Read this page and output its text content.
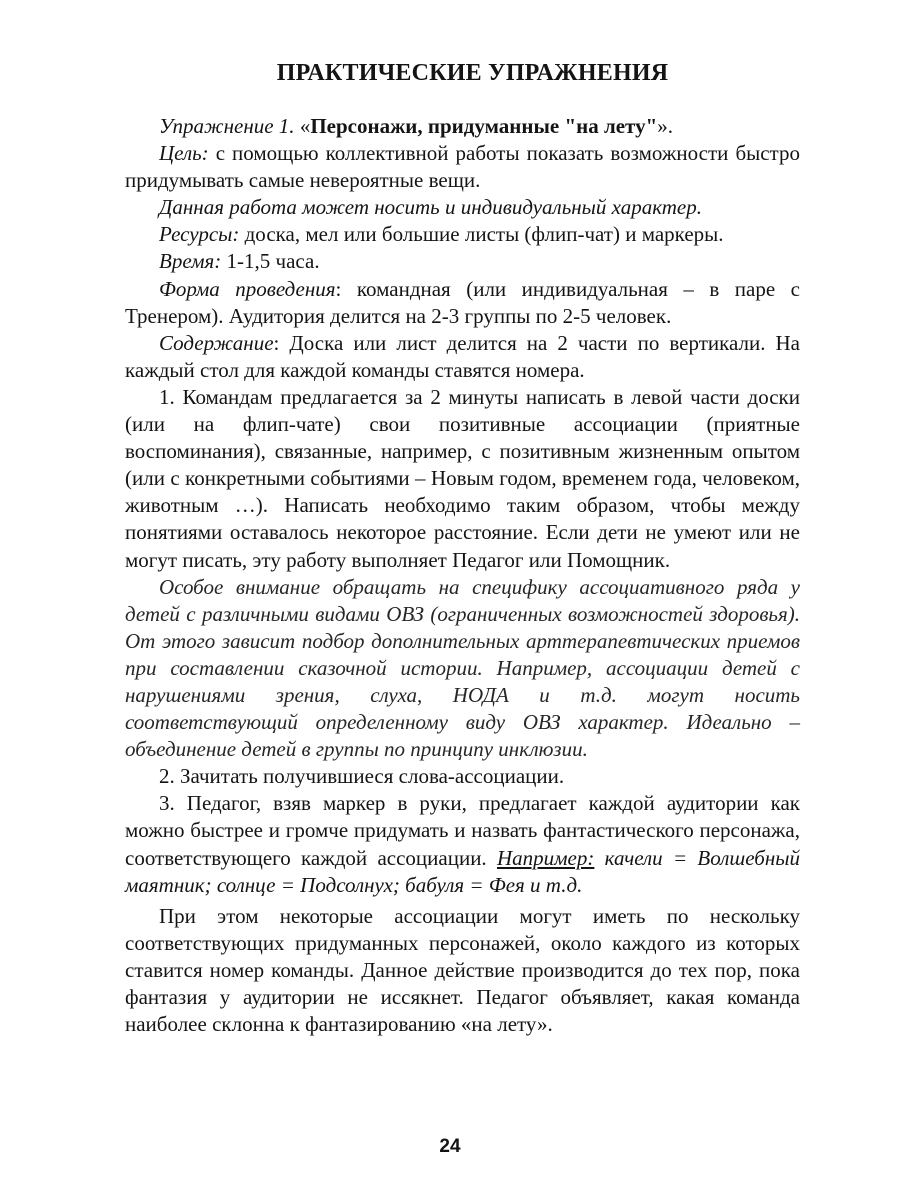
ПРАКТИЧЕСКИЕ УПРАЖНЕНИЯ

Упражнение 1. «Персонажи, придуманные "на лету"».

Цель: с помощью коллективной работы показать возможности быстро придумывать самые невероятные вещи.

Данная работа может носить и индивидуальный характер.

Ресурсы: доска, мел или большие листы (флип-чат) и маркеры.

Время: 1-1,5 часа.

Форма проведения: командная (или индивидуальная – в паре с Тренером). Аудитория делится на 2-3 группы по 2-5 человек.

Содержание: Доска или лист делится на 2 части по вертикали. На каждый стол для каждой команды ставятся номера.

1. Командам предлагается за 2 минуты написать в левой части доски (или на флип-чате) свои позитивные ассоциации (приятные воспоминания), связанные, например, с позитивным жизненным опытом (или с конкретными событиями – Новым годом, временем года, человеком, животным …). Написать необходимо таким образом, чтобы между понятиями оставалось некоторое расстояние. Если дети не умеют или не могут писать, эту работу выполняет Педагог или Помощник.

Особое внимание обращать на специфику ассоциативного ряда у детей с различными видами ОВЗ (ограниченных возможностей здоровья). От этого зависит подбор дополнительных арттерапевтических приемов при составлении сказочной истории. Например, ассоциации детей с нарушениями зрения, слуха, НОДА и т.д. могут носить соответствующий определенному виду ОВЗ характер. Идеально – объединение детей в группы по принципу инклюзии.

2. Зачитать получившиеся слова-ассоциации.

3. Педагог, взяв маркер в руки, предлагает каждой аудитории как можно быстрее и громче придумать и назвать фантастического персонажа, соответствующего каждой ассоциации. Например: качели = Волшебный маятник; солнце = Подсолнух; бабуля = Фея и т.д.

При этом некоторые ассоциации могут иметь по нескольку соответствующих придуманных персонажей, около каждого из которых ставится номер команды. Данное действие производится до тех пор, пока фантазия у аудитории не иссякнет. Педагог объявляет, какая команда наиболее склонна к фантазированию «на лету».

24
